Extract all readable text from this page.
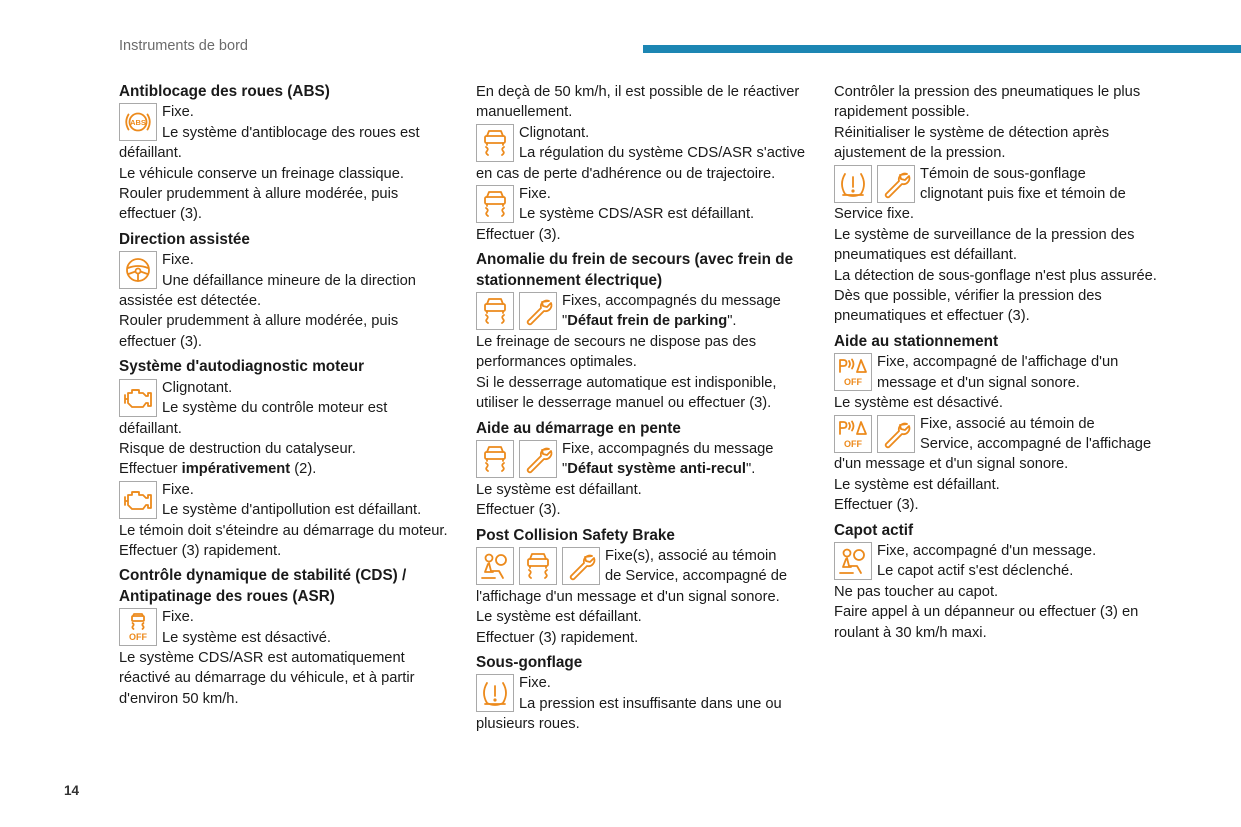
Instruments de bord
Antiblocage des roues (ABS)
ABS

Fixe.

Le système d'antiblocage des roues est défaillant.

Le véhicule conserve un freinage classique.

Rouler prudemment à allure modérée, puis effectuer (3).

Direction assistée

Fixe.

Une défaillance mineure de la direction assistée est détectée.

Rouler prudemment à allure modérée, puis effectuer (3).

Système d'autodiagnostic moteur

Clignotant.

Le système du contrôle moteur est défaillant.

Risque de destruction du catalyseur.

Effectuer impérativement (2).

Fixe.

Le système d'antipollution est défaillant.

Le témoin doit s'éteindre au démarrage du moteur.

Effectuer (3) rapidement.

Contrôle dynamique de stabilité (CDS) / Antipatinage des roues (ASR)
OFF

Fixe.

Le système est désactivé.

Le système CDS/ASR est automatiquement réactivé au démarrage du véhicule, et à partir d'environ 50 km/h.

En deçà de 50 km/h, il est possible de le réactiver manuellement.

Clignotant.

La régulation du système CDS/ASR s'active en cas de perte d'adhérence ou de trajectoire.

Fixe.

Le système CDS/ASR est défaillant.

Effectuer (3).

Anomalie du frein de secours (avec frein de stationnement électrique)

Fixes, accompagnés du message

"Défaut frein de parking".

Le freinage de secours ne dispose pas des performances optimales.

Si le desserrage automatique est indisponible, utiliser le desserrage manuel ou effectuer (3).

Aide au démarrage en pente

Fixe, accompagnés du message

"Défaut système anti-recul".

Le système est défaillant.

Effectuer (3).

Post Collision Safety Brake

Fixe(s), associé au témoin

de Service, accompagné de l'affichage d'un message et d'un signal sonore.

Le système est défaillant.

Effectuer (3) rapidement.

Sous-gonflage

Fixe.

La pression est insuffisante dans une ou plusieurs roues.

Contrôler la pression des pneumatiques le plus rapidement possible.

Réinitialiser le système de détection après ajustement de la pression.

Témoin de sous-gonflage

clignotant puis fixe et témoin de Service fixe.

Le système de surveillance de la pression des pneumatiques est défaillant.

La détection de sous-gonflage n'est plus assurée.

Dès que possible, vérifier la pression des pneumatiques et effectuer (3).

Aide au stationnement
OFF

Fixe, accompagné de l'affichage d'un

message et d'un signal sonore.

Le système est désactivé.

OFF

Fixe, associé au témoin de

Service, accompagné de l'affichage d'un message et d'un signal sonore.

Le système est défaillant.

Effectuer (3).

Capot actif

Fixe, accompagné d'un message.

Le capot actif s'est déclenché.

Ne pas toucher au capot.

Faire appel à un dépanneur ou effectuer (3) en roulant à 30 km/h maxi.

14
